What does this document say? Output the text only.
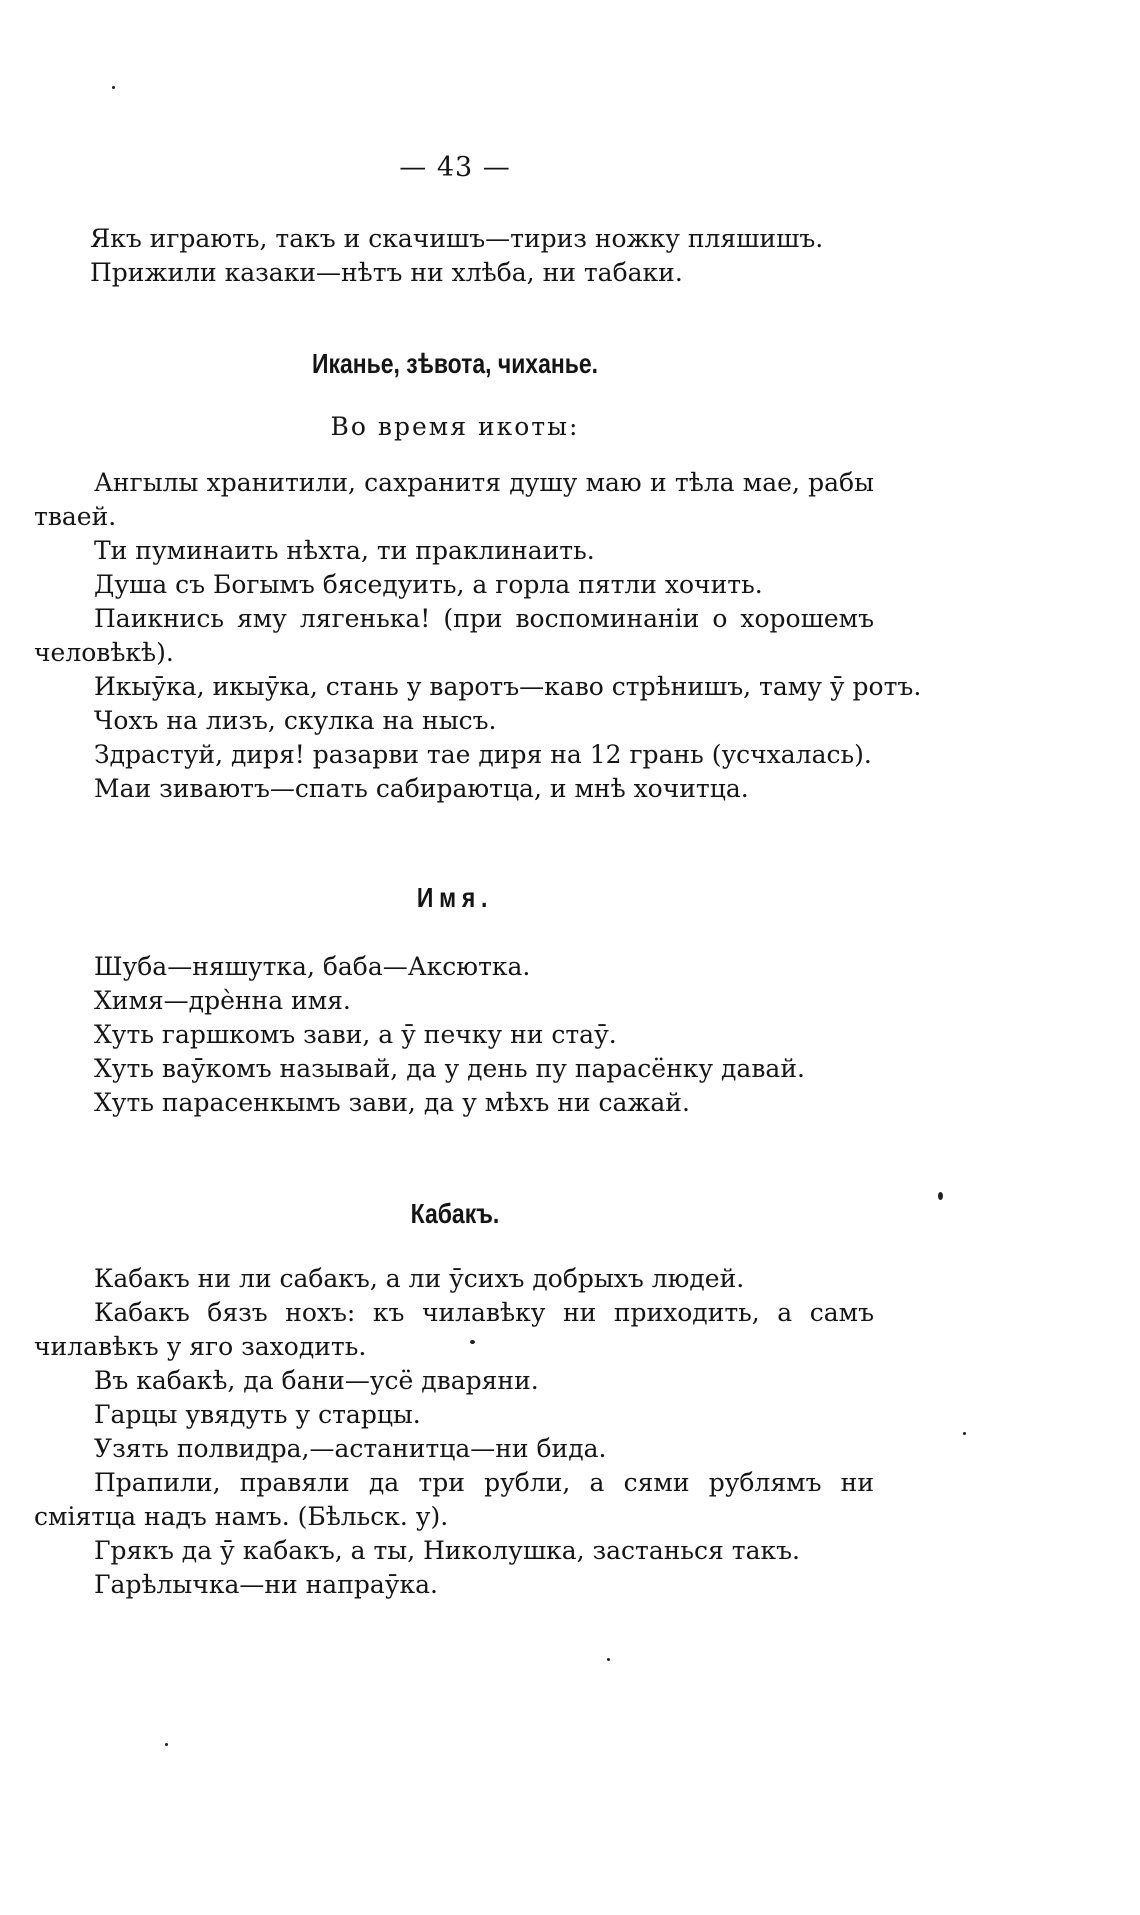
— 43 —
Якъ играють, такъ и скачишъ—тириз ножку пляшишъ.
Прижили казаки—нѣтъ ни хлѣба, ни табаки.
Иканье, зѣвота, чиханье.
Во время икоты:
Ангылы хранитили, сахранитя душу маю и тѣла мае, рабы тваей.
Ти пуминаить нѣхта, ти праклинаить.
Душа съ Богымъ бяседуить, а горла пятли хочить.
Паикнись яму лягенька! (при воспоминаніи о хорошемъ человѣкѣ).
Икыӯка, икыӯка, стань у варотъ—каво стрѣнишъ, таму ӯ ротъ.
Чохъ на лизъ, скулка на нысъ.
Здрастуй, диря! разарви тае диря на 12 грань (усчхалась).
Маи зиваютъ—спать сабираютца, и мнѣ хочитца.
Имя.
Шуба—няшутка, баба—Аксютка.
Химя—дрѐнна имя.
Хуть гаршкомъ зави, а ӯ печку ни стаӯ.
Хуть ваӯкомъ называй, да у день пу парасёнку давай.
Хуть парасенкымъ зави, да у мѣхъ ни сажай.
Кабакъ.
Кабакъ ни ли сабакъ, а ли ӯсихъ добрыхъ людей.
Кабакъ бязъ нохъ: къ чилавѣку ни приходить, а самъ чилавѣкъ у яго заходить.
Въ кабакѣ, да бани—усё дваряни.
Гарцы увядуть у старцы.
Узять полвидра,—астанитца—ни бида.
Прапили, правяли да три рубли, а сями рублямъ ни сміятца надъ намъ. (Бѣльск. у).
Грякъ да ӯ кабакъ, а ты, Николушка, застанься такъ.
Гарѣлычка—ни напраӯка.
